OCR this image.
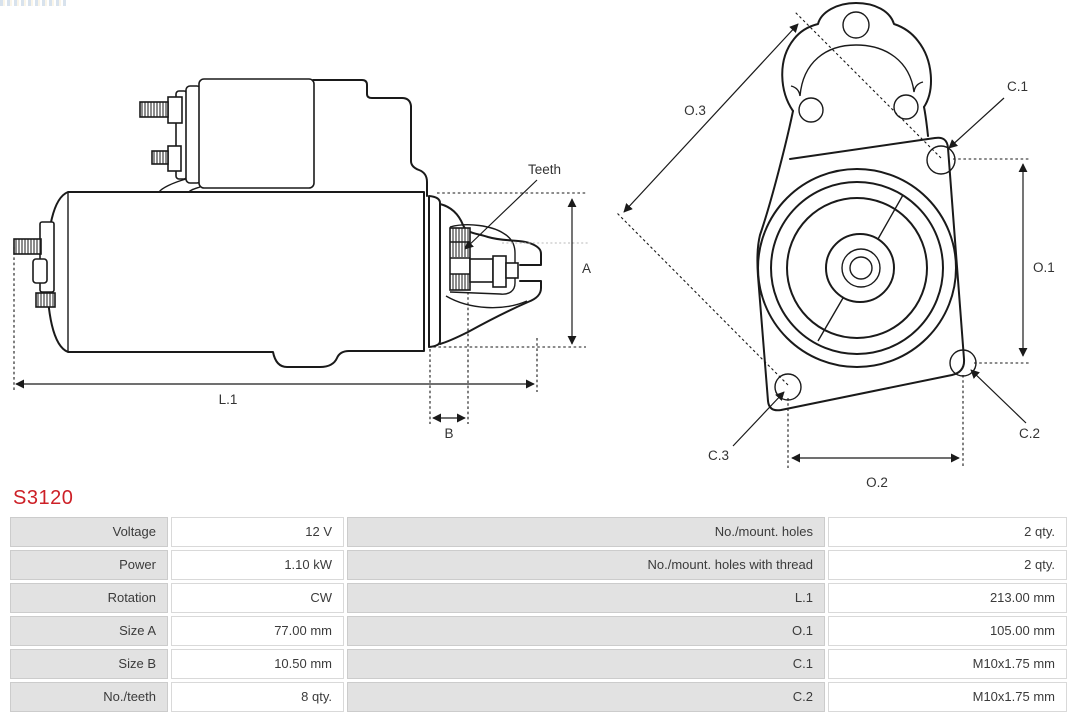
A
L.1
B
Teeth
O.3
C.1
O.1
O.2
C.3
C.2
S3120
Voltage	12 V	No./mount. holes	2 qty.
Power	1.10 kW	No./mount. holes with thread	2 qty.
Rotation	CW	L.1	213.00 mm
Size A	77.00 mm	O.1	105.00 mm
Size B	10.50 mm	C.1	M10x1.75 mm
No./teeth	8 qty.	C.2	M10x1.75 mm
